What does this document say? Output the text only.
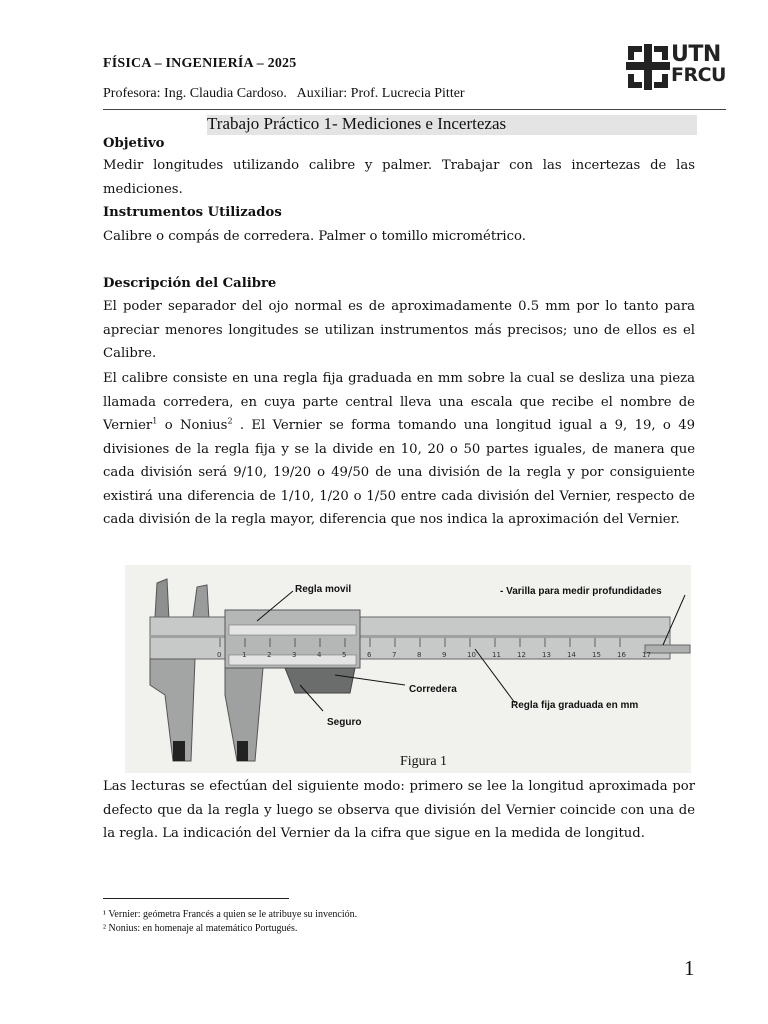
FÍSICA – INGENIERÍA – 2025
Profesora: Ing. Claudia Cardoso.   Auxiliar: Prof. Lucrecia Pitter
UTN
FRCU
Trabajo Práctico 1- Mediciones e Incertezas
Objetivo
Medir longitudes utilizando calibre y palmer. Trabajar con las incertezas de las mediciones.
Instrumentos Utilizados
Calibre o compás de corredera. Palmer o tomillo micrométrico.
Descripción del Calibre
El poder separador del ojo normal es de aproximadamente 0.5 mm por lo tanto para apreciar menores longitudes se utilizan instrumentos más precisos; uno de ellos es el Calibre.
El calibre consiste en una regla fija graduada en mm sobre la cual se desliza una pieza llamada corredera, en cuya parte central lleva una escala que recibe el nombre de Vernier$^1$ o Nonius$^2$ . El Vernier se forma tomando una longitud igual a 9, 19, o 49 divisiones de la regla fija y se la divide en 10, 20 o 50 partes iguales, de manera que cada división será 9/10, 19/20 o 49/50 de una división de la regla y por consiguiente existirá una diferencia de 1/10, 1/20 o 1/50 entre cada división del Vernier, respecto de cada división de la regla mayor, diferencia que nos indica la aproximación del Vernier.
0	1	2	3	4	5	6	7	8	9	10 11 12 13 14 15 16 17
Regla movil	- Varilla para medir profundidades
Corredera
Regla fija graduada en mm
Seguro
Figura 1
Las lecturas se efectúan del siguiente modo: primero se lee la longitud aproximada por defecto que da la regla y luego se observa que división del Vernier coincide con una de la regla. La indicación del Vernier da la cifra que sigue en la medida de longitud.
¹ Vernier: geómetra Francés a quien se le atribuye su invención.
² Nonius: en homenaje al matemático Portugués.
1
